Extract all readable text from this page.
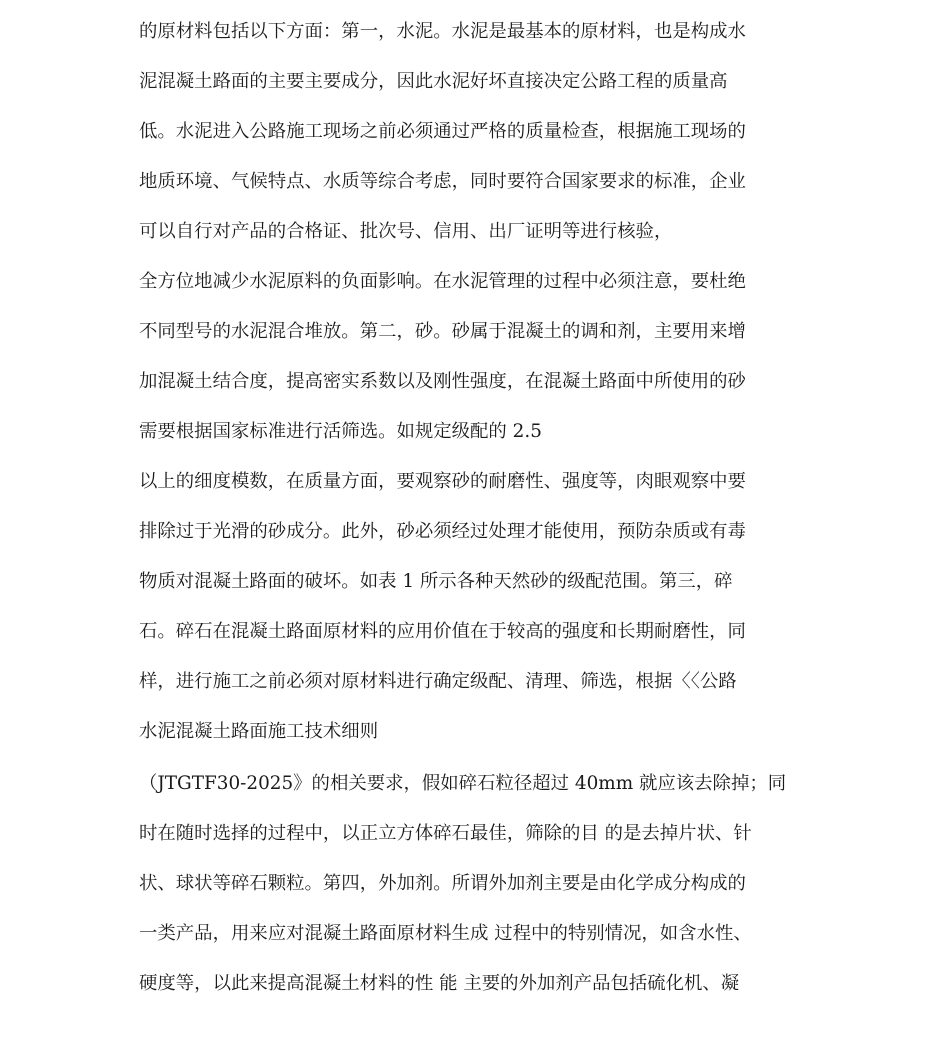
的原材料包括以下方面：第一，水泥。水泥是最基本的原材料，也是构成水
泥混凝土路面的主要主要成分，因此水泥好坏直接决定公路工程的质量高
低。水泥进入公路施工现场之前必须通过严格的质量检查，根据施工现场的
地质环境、气候特点、水质等综合考虑，同时要符合国家要求的标准，企业
可以自行对产品的合格证、批次号、信用、出厂证明等进行核验，
全方位地减少水泥原料的负面影响。在水泥管理的过程中必须注意，要杜绝
不同型号的水泥混合堆放。第二，砂。砂属于混凝土的调和剂，主要用来增
加混凝土结合度，提高密实系数以及刚性强度，在混凝土路面中所使用的砂
需要根据国家标准进行活筛选。如规定级配的 2.5
以上的细度模数，在质量方面，要观察砂的耐磨性、强度等，肉眼观察中要
排除过于光滑的砂成分。此外，砂必须经过处理才能使用，预防杂质或有毒
物质对混凝土路面的破坏。如表 1 所示各种天然砂的级配范围。第三，碎
石。碎石在混凝土路面原材料的应用价值在于较高的强度和长期耐磨性，同
样，进行施工之前必须对原材料进行确定级配、清理、筛选，根据〈〈公路
水泥混凝土路面施工技术细则
（JTGTF30-2025》的相关要求，假如碎石粒径超过 40mm 就应该去除掉；同
时在随时选择的过程中，以正立方体碎石最佳，筛除的目 的是去掉片状、针
状、球状等碎石颗粒。第四，外加剂。所谓外加剂主要是由化学成分构成的
一类产品，用来应对混凝土路面原材料生成 过程中的特别情况，如含水性、
硬度等，以此来提高混凝土材料的性 能 主要的外加剂产品包括硫化机、凝
